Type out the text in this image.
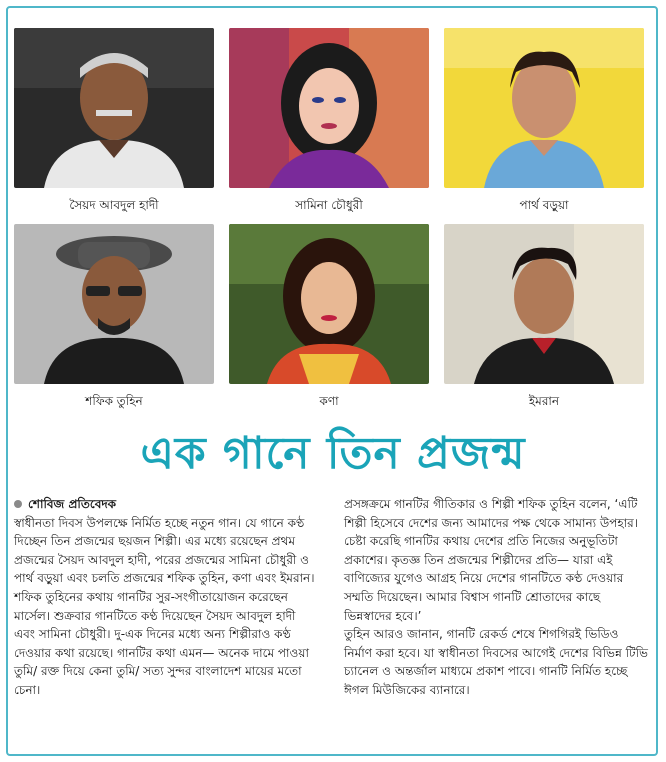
সৈয়দ আবদুল হাদী	সামিনা চৌধুরী	পার্থ বড়ুয়া
শফিক তুহিন	কণা	ইমরান
এক গানে তিন প্রজন্ম
শোবিজ প্রতিবেদক

স্বাধীনতা দিবস উপলক্ষে নির্মিত হচ্ছে নতুন গান। যে গানে কণ্ঠ দিচ্ছেন তিন প্রজন্মের ছয়জন শিল্পী। এর মধ্যে রয়েছেন প্রথম প্রজন্মের সৈয়দ আবদুল হাদী, পরের প্রজন্মের সামিনা চৌধুরী ও পার্থ বড়ুয়া এবং চলতি প্রজন্মের শফিক তুহিন, কণা এবং ইমরান। শফিক তুহিনের কথায় গানটির সুর-সংগীতায়োজন করেছেন মার্সেল। শুক্রবার গানটিতে কণ্ঠ দিয়েছেন সৈয়দ আবদুল হাদী এবং সামিনা চৌধুরী। দু-এক দিনের মধ্যে অন্য শিল্পীরাও কণ্ঠ দেওয়ার কথা রয়েছে। গানটির কথা এমন— অনেক দামে পাওয়া তুমি/ রক্ত দিয়ে কেনা তুমি/ সত্য সুন্দর বাংলাদেশ মায়ের মতো চেনা।

প্রসঙ্গক্রমে গানটির গীতিকার ও শিল্পী শফিক তুহিন বলেন, ‘এটি শিল্পী হিসেবে দেশের জন্য আমাদের পক্ষ থেকে সামান্য উপহার। চেষ্টা করেছি গানটির কথায় দেশের প্রতি নিজের অনুভূতিটা প্রকাশের। কৃতজ্ঞ তিন প্রজন্মের শিল্পীদের প্রতি— যারা এই বাণিজ্যের যুগেও আগ্রহ নিয়ে দেশের গানটিতে কণ্ঠ দেওয়ার সম্মতি দিয়েছেন। আমার বিশ্বাস গানটি শ্রোতাদের কাছে ভিন্নস্বাদের হবে।’

তুহিন আরও জানান, গানটি রেকর্ড শেষে শিগগিরই ভিডিও নির্মাণ করা হবে। যা স্বাধীনতা দিবসের আগেই দেশের বিভিন্ন টিভি চ্যানেল ও অন্তর্জাল মাধ্যমে প্রকাশ পাবে। গানটি নির্মিত হচ্ছে ঈগল মিউজিকের ব্যানারে।
